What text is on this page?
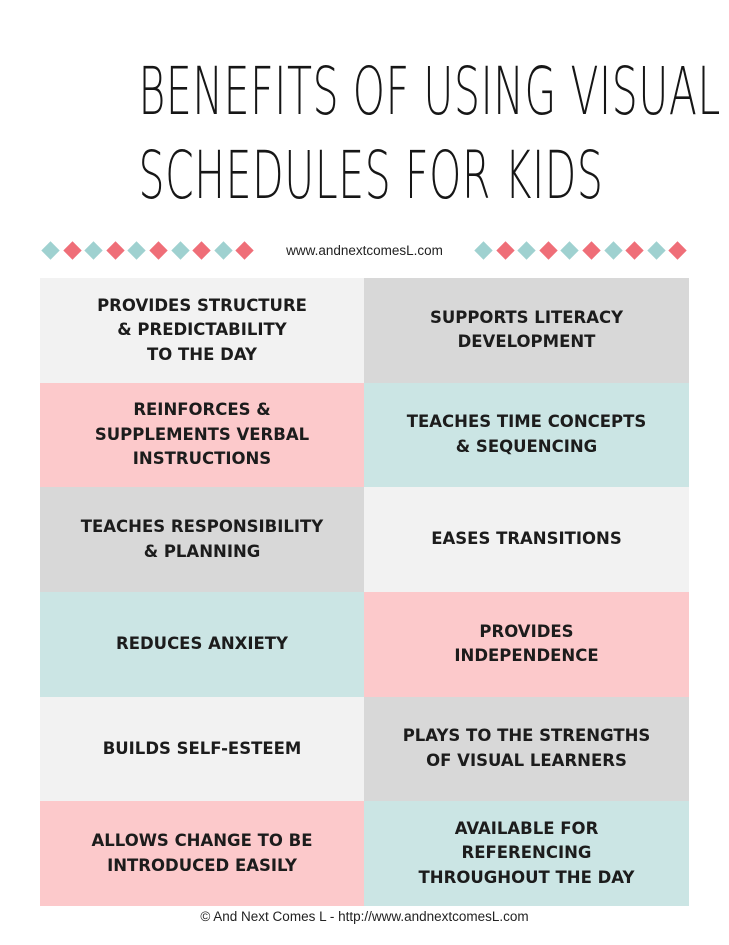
BENEFITS OF USING VISUAL
SCHEDULES FOR KIDS
www.andnextcomesL.com
PROVIDES STRUCTURE
& PREDICTABILITY
TO THE DAY
SUPPORTS LITERACY
DEVELOPMENT
REINFORCES &
SUPPLEMENTS VERBAL
INSTRUCTIONS
TEACHES TIME CONCEPTS
& SEQUENCING
TEACHES RESPONSIBILITY
& PLANNING
EASES TRANSITIONS
REDUCES ANXIETY
PROVIDES
INDEPENDENCE
BUILDS SELF-ESTEEM
PLAYS TO THE STRENGTHS
OF VISUAL LEARNERS
ALLOWS CHANGE TO BE
INTRODUCED EASILY
AVAILABLE FOR
REFERENCING
THROUGHOUT THE DAY
© And Next Comes L - http://www.andnextcomesL.com
